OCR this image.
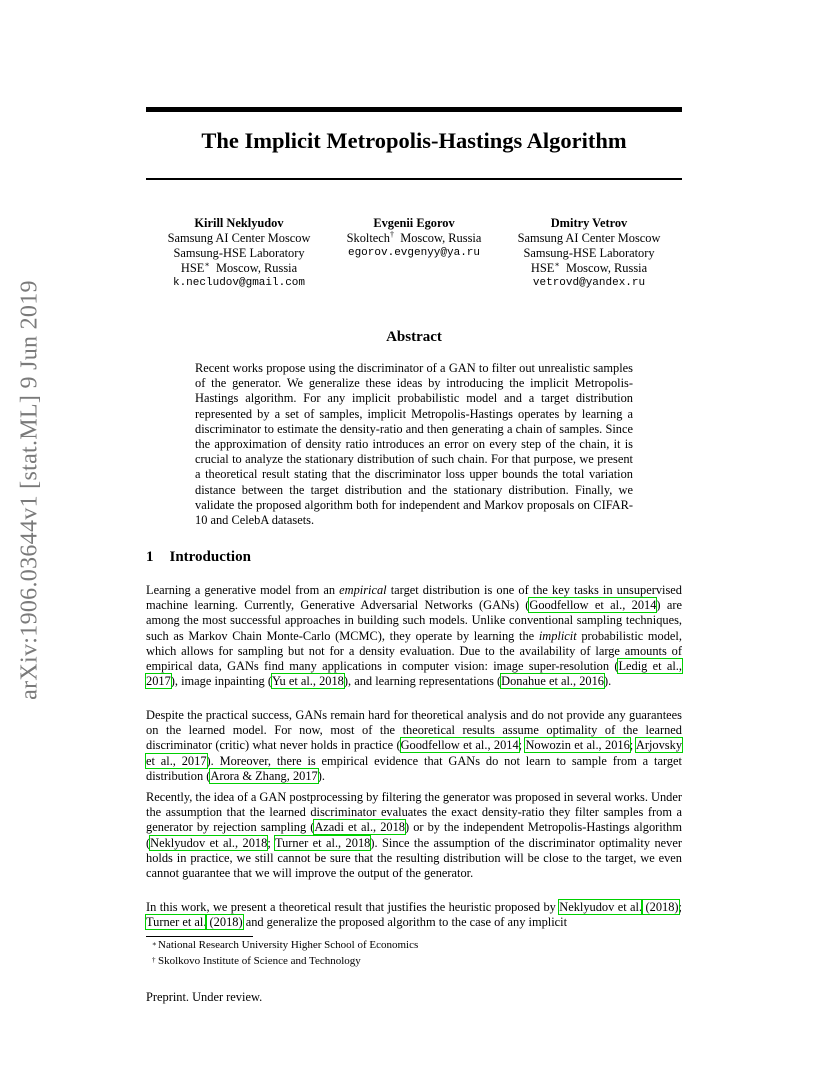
arXiv:1906.03644v1 [stat.ML] 9 Jun 2019
The Implicit Metropolis-Hastings Algorithm
Kirill Neklyudov
Samsung AI Center Moscow
Samsung-HSE Laboratory
HSE∗ Moscow, Russia
k.necludov@gmail.com
Evgenii Egorov
Skoltech† Moscow, Russia
egorov.evgenyy@ya.ru
Dmitry Vetrov
Samsung AI Center Moscow
Samsung-HSE Laboratory
HSE∗ Moscow, Russia
vetrovd@yandex.ru
Abstract
Recent works propose using the discriminator of a GAN to filter out unrealistic samples of the generator. We generalize these ideas by introducing the implicit Metropolis-Hastings algorithm. For any implicit probabilistic model and a target distribution represented by a set of samples, implicit Metropolis-Hastings operates by learning a discriminator to estimate the density-ratio and then generating a chain of samples. Since the approximation of density ratio introduces an error on every step of the chain, it is crucial to analyze the stationary distribution of such chain. For that purpose, we present a theoretical result stating that the discriminator loss upper bounds the total variation distance between the target distribution and the stationary distribution. Finally, we validate the proposed algorithm both for independent and Markov proposals on CIFAR-10 and CelebA datasets.
1 Introduction
Learning a generative model from an empirical target distribution is one of the key tasks in unsupervised machine learning. Currently, Generative Adversarial Networks (GANs) (Goodfellow et al., 2014) are among the most successful approaches in building such models. Unlike conventional sampling techniques, such as Markov Chain Monte-Carlo (MCMC), they operate by learning the implicit probabilistic model, which allows for sampling but not for a density evaluation. Due to the availability of large amounts of empirical data, GANs find many applications in computer vision: image super-resolution (Ledig et al., 2017), image inpainting (Yu et al., 2018), and learning representations (Donahue et al., 2016).
Despite the practical success, GANs remain hard for theoretical analysis and do not provide any guarantees on the learned model. For now, most of the theoretical results assume optimality of the learned discriminator (critic) what never holds in practice (Goodfellow et al., 2014; Nowozin et al., 2016; Arjovsky et al., 2017). Moreover, there is empirical evidence that GANs do not learn to sample from a target distribution (Arora & Zhang, 2017).
Recently, the idea of a GAN postprocessing by filtering the generator was proposed in several works. Under the assumption that the learned discriminator evaluates the exact density-ratio they filter samples from a generator by rejection sampling (Azadi et al., 2018) or by the independent Metropolis-Hastings algorithm (Neklyudov et al., 2018; Turner et al., 2018). Since the assumption of the discriminator optimality never holds in practice, we still cannot be sure that the resulting distribution will be close to the target, we even cannot guarantee that we will improve the output of the generator.
In this work, we present a theoretical result that justifies the heuristic proposed by Neklyudov et al. (2018); Turner et al. (2018) and generalize the proposed algorithm to the case of any implicit
∗ National Research University Higher School of Economics
† Skolkovo Institute of Science and Technology
Preprint. Under review.
